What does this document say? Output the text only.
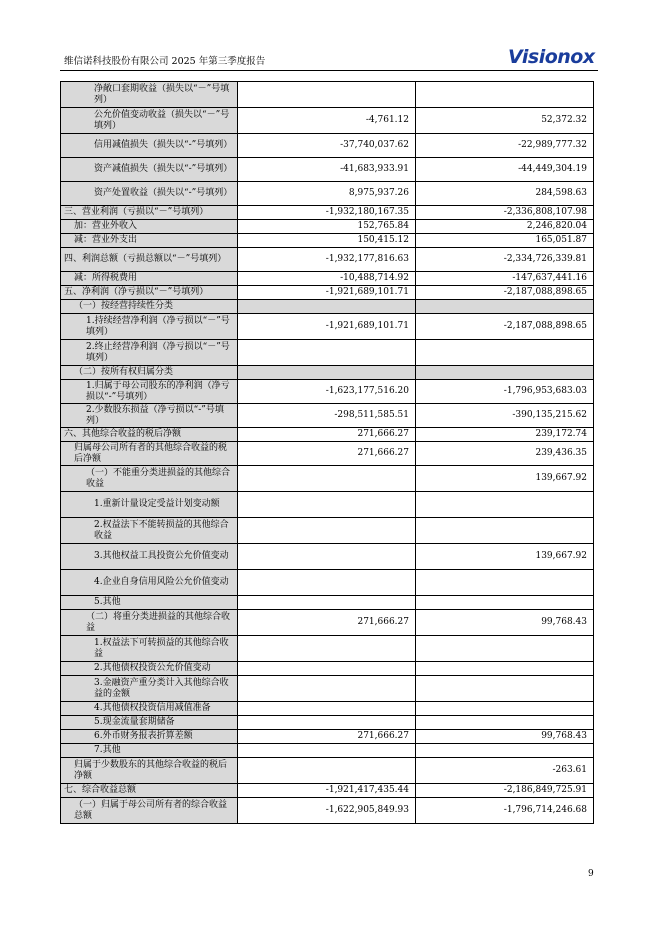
维信诺科技股份有限公司 2025 年第三季度报告	Visionox
净敞口套期收益（损失以“－”号填列）		
公允价值变动收益（损失以“－”号填列）	-4,761.12	52,372.32
信用减值损失（损失以“-”号填列）	-37,740,037.62	-22,989,777.32
资产减值损失（损失以“-”号填列）	-41,683,933.91	-44,449,304.19
资产处置收益（损失以“-”号填列）	8,975,937.26	284,598.63
三、营业利润（亏损以“－”号填列）	-1,932,180,167.35	-2,336,808,107.98
加：营业外收入	152,765.84	2,246,820.04
减：营业外支出	150,415.12	165,051.87
四、利润总额（亏损总额以“－”号填列）	-1,932,177,816.63	-2,334,726,339.81
减：所得税费用	-10,488,714.92	-147,637,441.16
五、净利润（净亏损以“－”号填列）	-1,921,689,101.71	-2,187,088,898.65
（一）按经营持续性分类		
1.持续经营净利润（净亏损以“－”号填列）	-1,921,689,101.71	-2,187,088,898.65
2.终止经营净利润（净亏损以“－”号填列）		
（二）按所有权归属分类		
1.归属于母公司股东的净利润（净亏损以“-”号填列）	-1,623,177,516.20	-1,796,953,683.03
2.少数股东损益（净亏损以“-”号填列）	-298,511,585.51	-390,135,215.62
六、其他综合收益的税后净额	271,666.27	239,172.74
归属母公司所有者的其他综合收益的税后净额	271,666.27	239,436.35
（一）不能重分类进损益的其他综合收益		139,667.92
1.重新计量设定受益计划变动额		
2.权益法下不能转损益的其他综合收益		
3.其他权益工具投资公允价值变动		139,667.92
4.企业自身信用风险公允价值变动		
5.其他		
（二）将重分类进损益的其他综合收益	271,666.27	99,768.43
1.权益法下可转损益的其他综合收益		
2.其他债权投资公允价值变动		
3.金融资产重分类计入其他综合收益的金额		
4.其他债权投资信用减值准备		
5.现金流量套期储备		
6.外币财务报表折算差额	271,666.27	99,768.43
7.其他		
归属于少数股东的其他综合收益的税后净额		-263.61
七、综合收益总额	-1,921,417,435.44	-2,186,849,725.91
（一）归属于母公司所有者的综合收益总额	-1,622,905,849.93	-1,796,714,246.68
9
